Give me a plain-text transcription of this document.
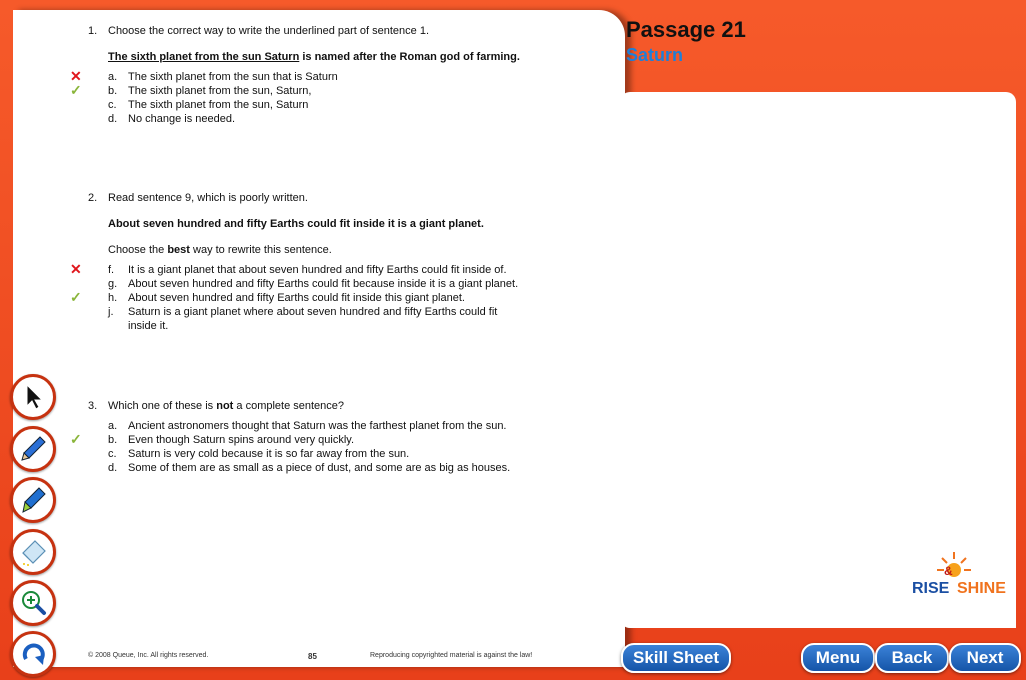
Passage 21
Saturn
1. Choose the correct way to write the underlined part of sentence 1.
The sixth planet from the sun Saturn is named after the Roman god of farming.
✕ a. The sixth planet from the sun that is Saturn
✓ b. The sixth planet from the sun, Saturn,
c. The sixth planet from the sun, Saturn
d. No change is needed.
2. Read sentence 9, which is poorly written.
About seven hundred and fifty Earths could fit inside it is a giant planet.
Choose the best way to rewrite this sentence.
✕ f. It is a giant planet that about seven hundred and fifty Earths could fit inside of.
g. About seven hundred and fifty Earths could fit because inside it is a giant planet.
✓ h. About seven hundred and fifty Earths could fit inside this giant planet.
j. Saturn is a giant planet where about seven hundred and fifty Earths could fit inside it.
3. Which one of these is not a complete sentence?
a. Ancient astronomers thought that Saturn was the farthest planet from the sun.
✓ b. Even though Saturn spins around very quickly.
c. Saturn is very cold because it is so far away from the sun.
d. Some of them are as small as a piece of dust, and some are as big as houses.
© 2008 Queue, Inc. All rights reserved.	85	Reproducing copyrighted material is against the law!
RISE
&
SHINE
Skill Sheet	Menu	Back	Next
